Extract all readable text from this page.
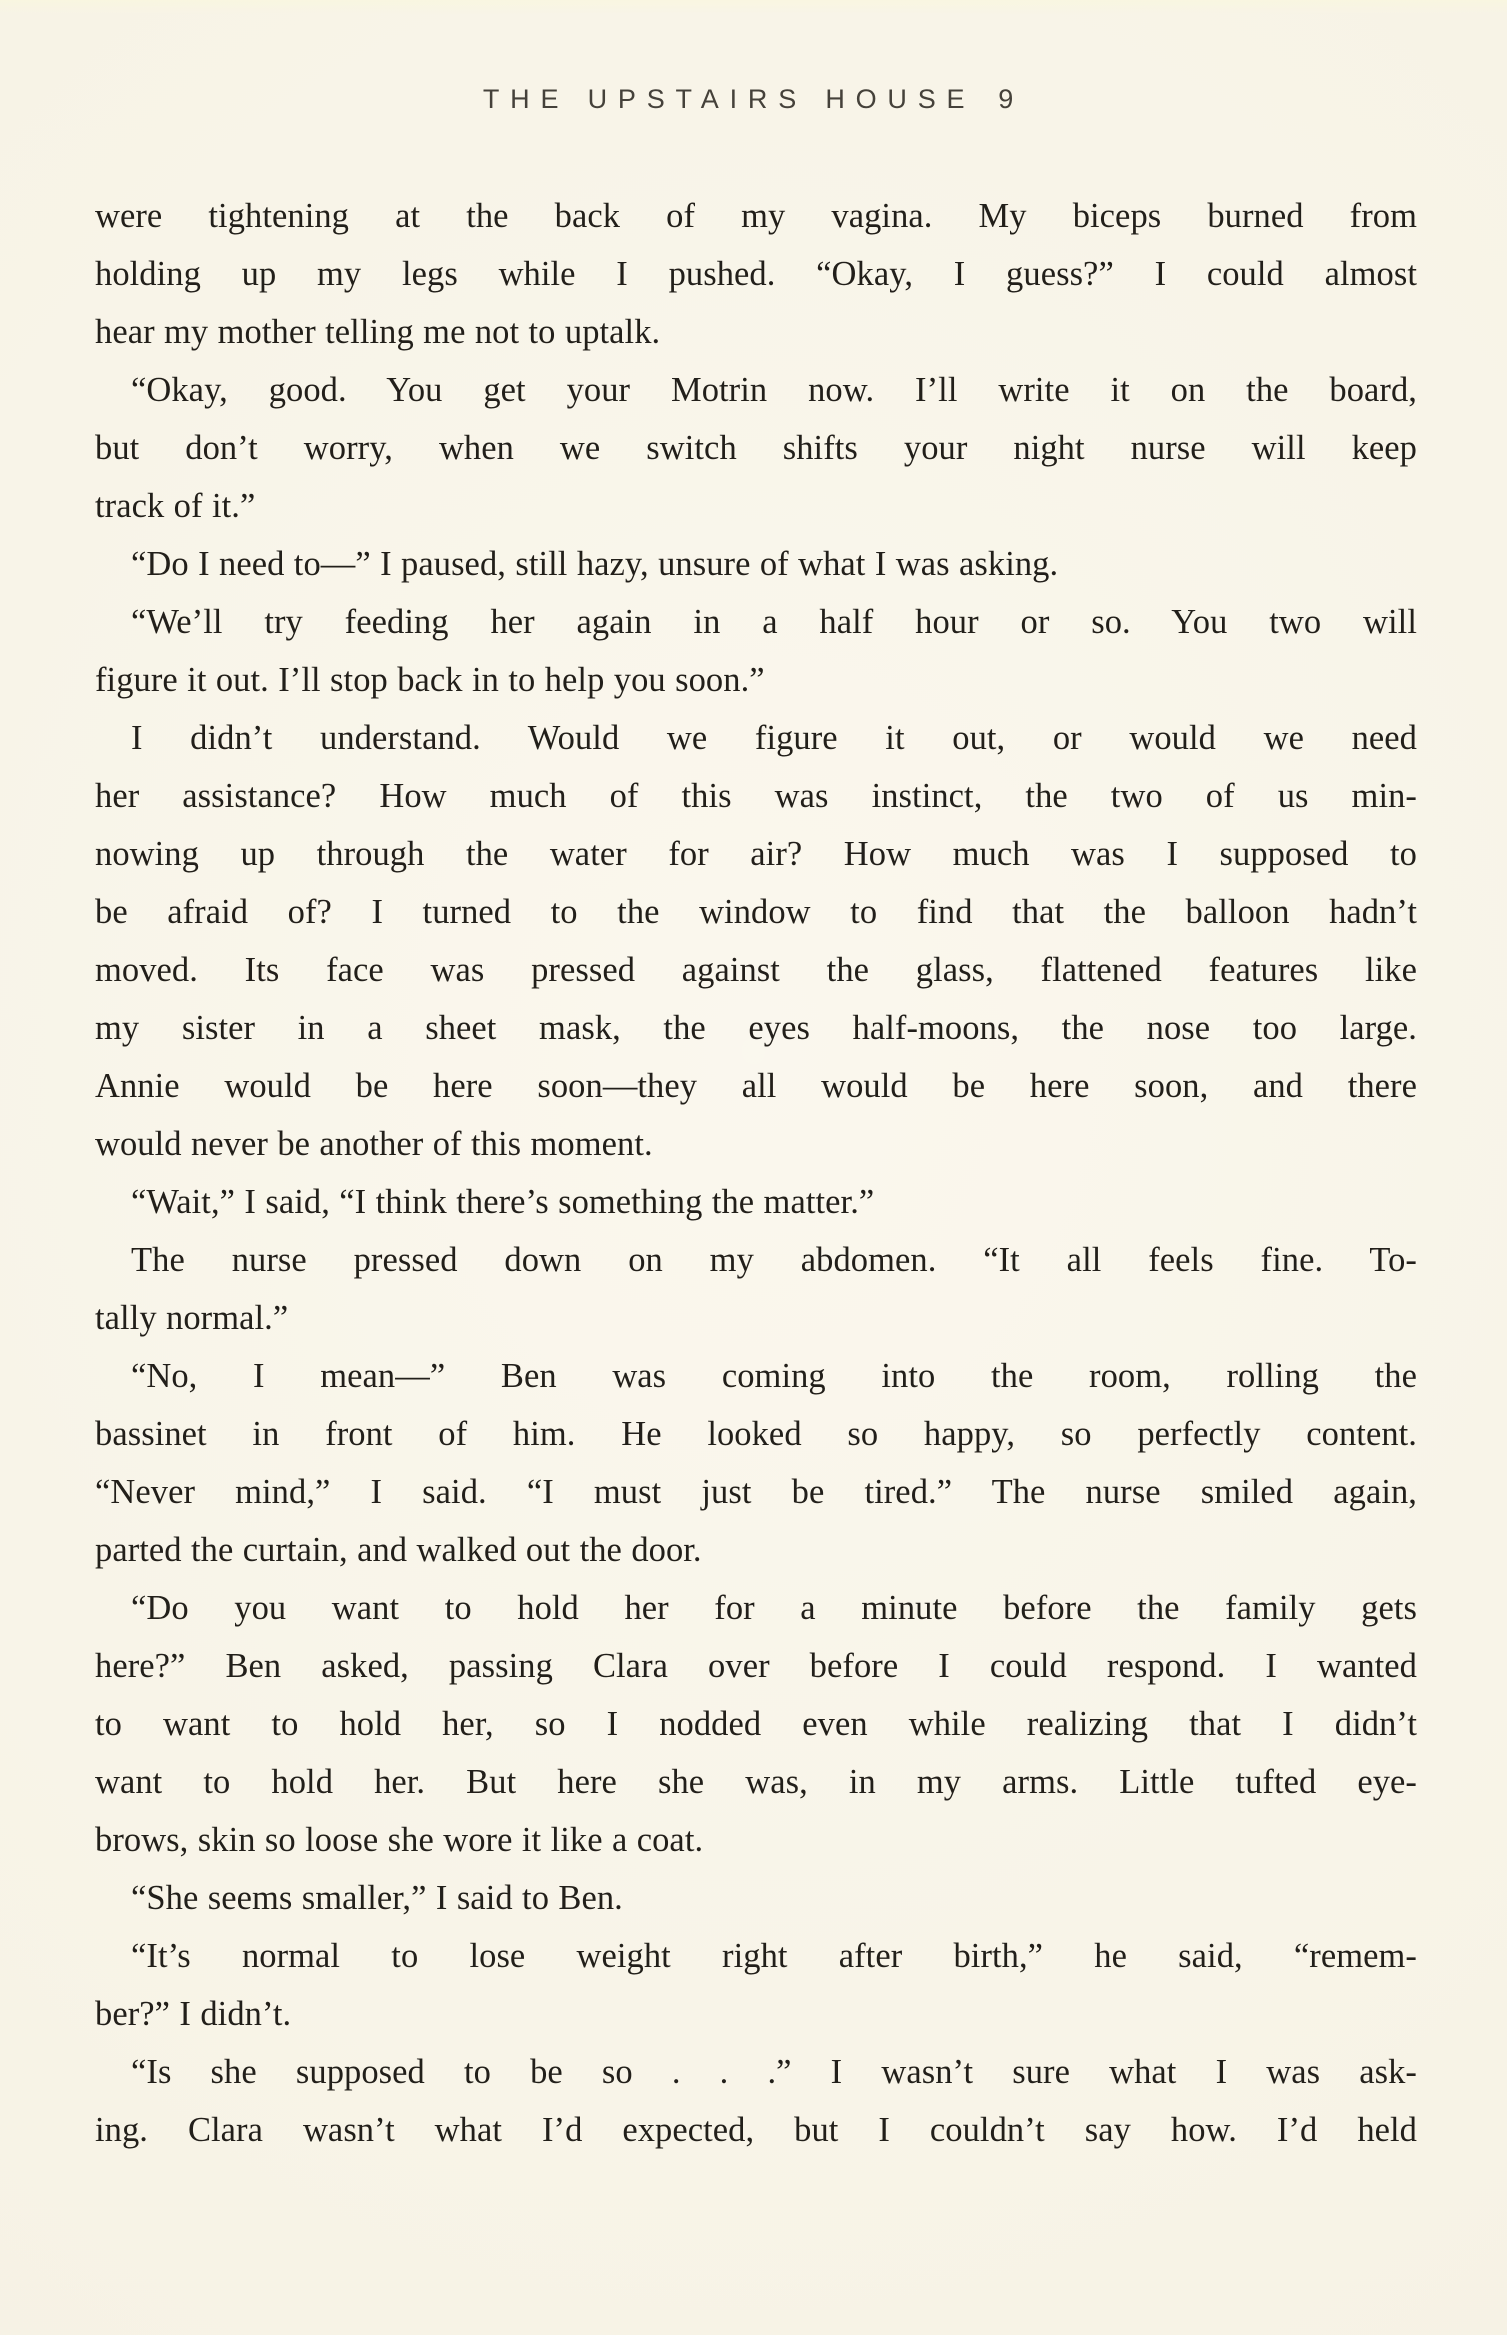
THE UPSTAIRS HOUSE 9
were tightening at the back of my vagina. My biceps burned from
holding up my legs while I pushed. “Okay, I guess?” I could almost
hear my mother telling me not to uptalk.
“Okay, good. You get your Motrin now. I’ll write it on the board,
but don’t worry, when we switch shifts your night nurse will keep
track of it.”
“Do I need to—” I paused, still hazy, unsure of what I was asking.
“We’ll try feeding her again in a half hour or so. You two will
figure it out. I’ll stop back in to help you soon.”
I didn’t understand. Would we figure it out, or would we need
her assistance? How much of this was instinct, the two of us min-
nowing up through the water for air? How much was I supposed to
be afraid of? I turned to the window to find that the balloon hadn’t
moved. Its face was pressed against the glass, flattened features like
my sister in a sheet mask, the eyes half-moons, the nose too large.
Annie would be here soon—they all would be here soon, and there
would never be another of this moment.
“Wait,” I said, “I think there’s something the matter.”
The nurse pressed down on my abdomen. “It all feels fine. To-
tally normal.”
“No, I mean—” Ben was coming into the room, rolling the
bassinet in front of him. He looked so happy, so perfectly content.
“Never mind,” I said. “I must just be tired.” The nurse smiled again,
parted the curtain, and walked out the door.
“Do you want to hold her for a minute before the family gets
here?” Ben asked, passing Clara over before I could respond. I wanted
to want to hold her, so I nodded even while realizing that I didn’t
want to hold her. But here she was, in my arms. Little tufted eye-
brows, skin so loose she wore it like a coat.
“She seems smaller,” I said to Ben.
“It’s normal to lose weight right after birth,” he said, “remem-
ber?” I didn’t.
“Is she supposed to be so . . .” I wasn’t sure what I was ask-
ing. Clara wasn’t what I’d expected, but I couldn’t say how. I’d held
